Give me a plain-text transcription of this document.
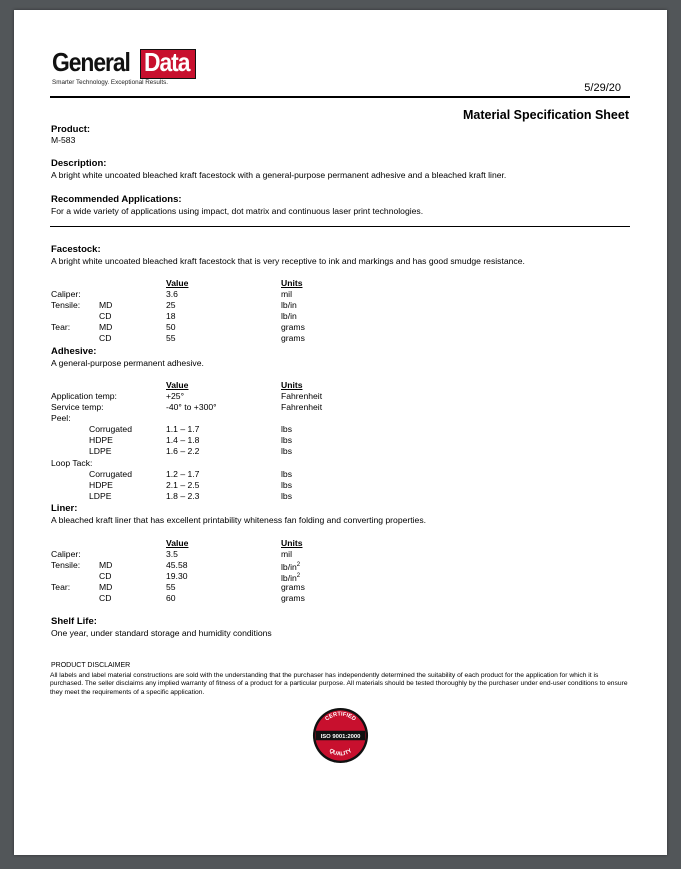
General Data
Smarter Technology. Exceptional Results.	5/29/20
Material Specification Sheet
Product:
M-583
Description:
A bright white uncoated bleached kraft facestock with a general-purpose permanent adhesive and a bleached kraft liner.
Recommended Applications:
For a wide variety of applications using impact, dot matrix and continuous laser print technologies.
Facestock:
A bright white uncoated bleached kraft facestock that is very receptive to ink and markings and has good smudge resistance.
Value	Units
Caliper:	3.6	mil
Tensile: MD	25	lb/in
CD	18	lb/in
Tear:	MD	50	grams
CD	55	grams
Adhesive:
A general-purpose permanent adhesive.
Value	Units
Application temp:	+25°	Fahrenheit
Service temp:	-40° to +300°	Fahrenheit
Peel:
Corrugated	1.1 – 1.7	lbs
HDPE	1.4 – 1.8	lbs
LDPE	1.6 – 2.2	lbs
Loop Tack:
Corrugated	1.2 – 1.7	lbs
HDPE	2.1 – 2.5	lbs
LDPE	1.8 – 2.3	lbs
Liner:
A bleached kraft liner that has excellent printability whiteness fan folding and converting properties.
Value	Units
Caliper:	3.5	mil
Tensile: MD	45.58	$lb/in^2$
CD	19.30	$lb/in^2$
Tear:	MD	55	grams
CD	60	grams
Shelf Life:
One year, under standard storage and humidity conditions
PRODUCT DISCLAIMER
All labels and label material constructions are sold with the understanding that the purchaser has independently determined the suitability of each product for the application for which it is purchased. The seller disclaims any implied warranty of fitness of a product for a particular purpose. All materials should be tested thoroughly by the purchaser under end-user conditions to ensure they meet the requirements of a specific application.
CERTIFIED
ISO 9001:2000
QUALITY
